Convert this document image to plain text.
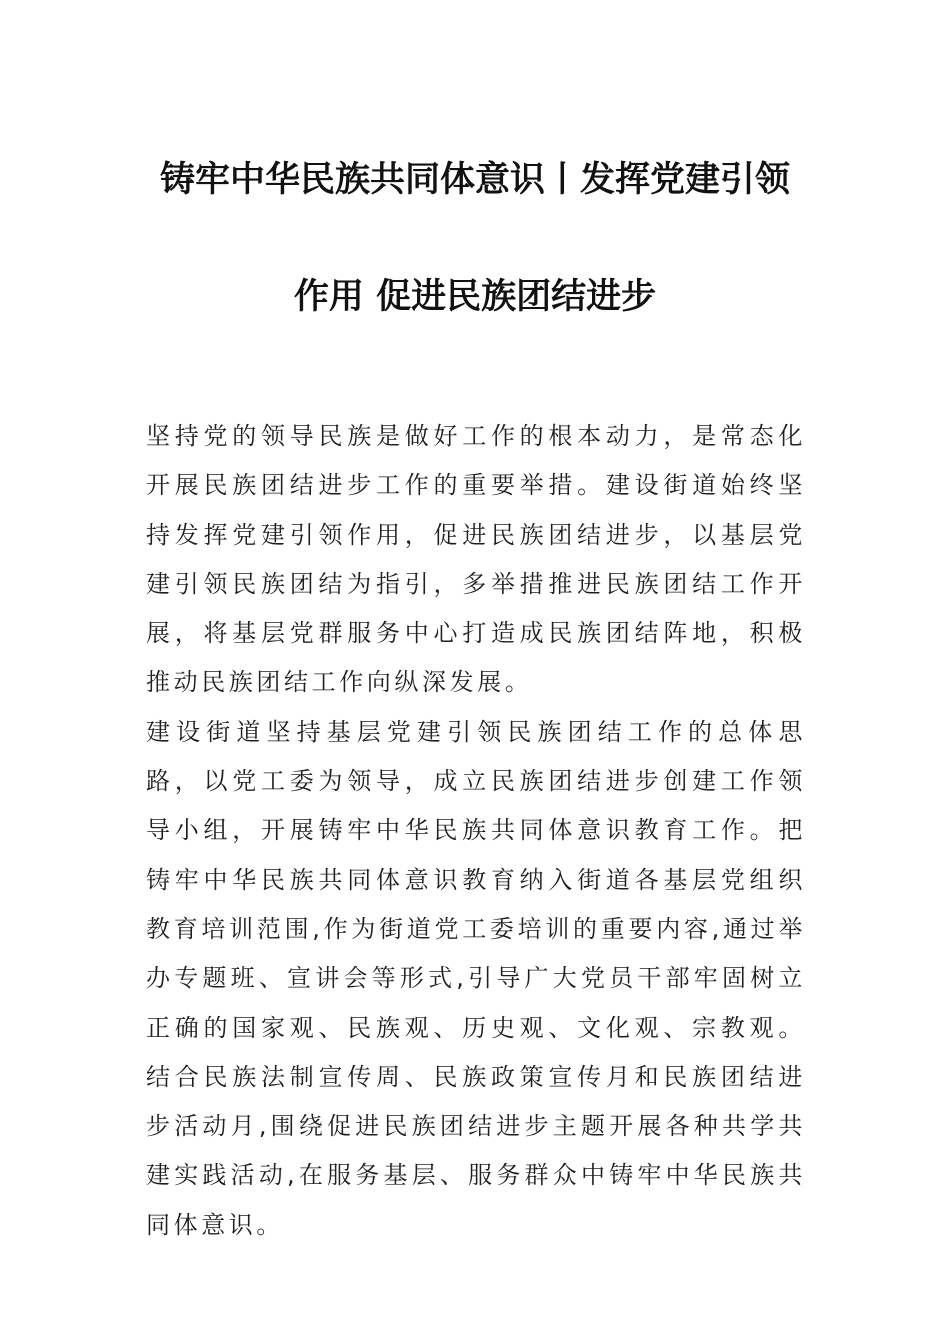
铸牢中华民族共同体意识丨发挥党建引领
作用 促进民族团结进步

坚持党的领导民族是做好工作的根本动力，是常态化开展民族团结进步工作的重要举措。建设街道始终坚持发挥党建引领作用，促进民族团结进步，以基层党建引领民族团结为指引，多举措推进民族团结工作开展，将基层党群服务中心打造成民族团结阵地，积极推动民族团结工作向纵深发展。

建设街道坚持基层党建引领民族团结工作的总体思路，以党工委为领导，成立民族团结进步创建工作领导小组，开展铸牢中华民族共同体意识教育工作。把铸牢中华民族共同体意识教育纳入街道各基层党组织教育培训范围,作为街道党工委培训的重要内容,通过举办专题班、宣讲会等形式,引导广大党员干部牢固树立正确的国家观、民族观、历史观、文化观、宗教观。结合民族法制宣传周、民族政策宣传月和民族团结进步活动月,围绕促进民族团结进步主题开展各种共学共建实践活动,在服务基层、服务群众中铸牢中华民族共同体意识。
